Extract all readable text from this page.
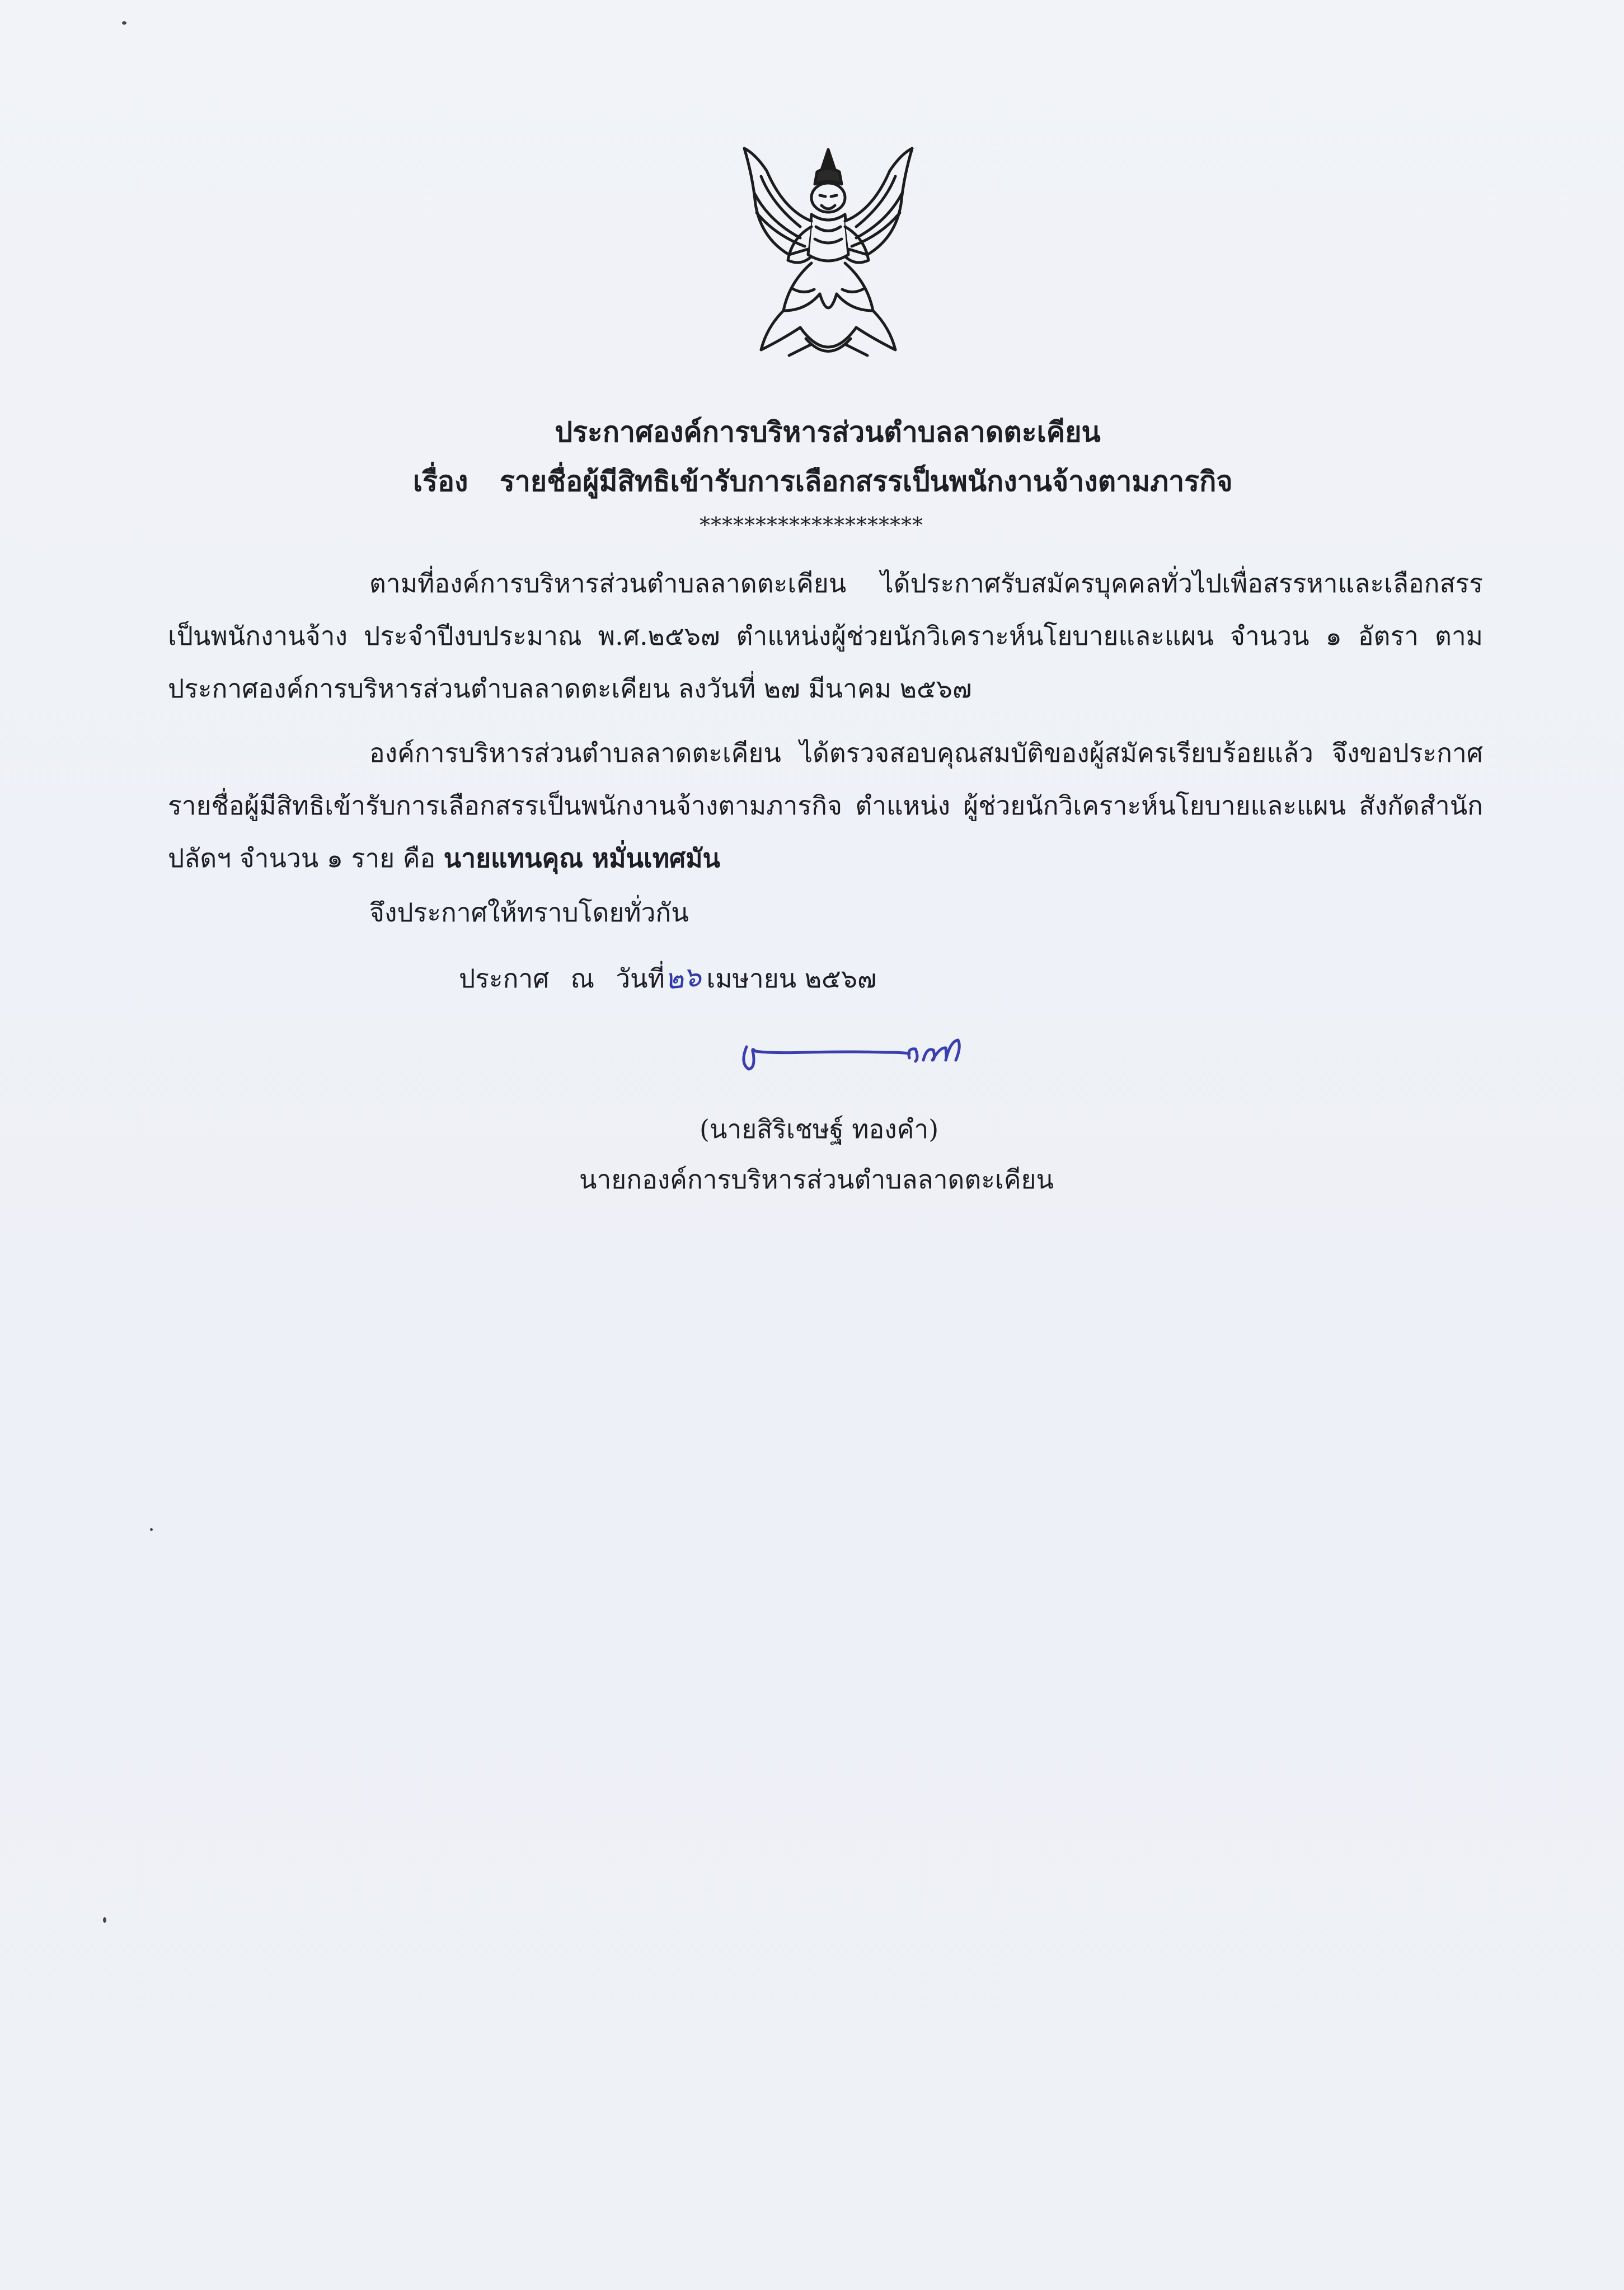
ประกาศองค์การบริหารส่วนตำบลลาดตะเคียน
เรื่อง รายชื่อผู้มีสิทธิเข้ารับการเลือกสรรเป็นพนักงานจ้างตามภารกิจ
********************
ตามที่องค์การบริหารส่วนตำบลลาดตะเคียน ได้ประกาศรับสมัครบุคคลทั่วไปเพื่อสรรหาและเลือกสรรเป็นพนักงานจ้าง ประจำปีงบประมาณ พ.ศ.๒๕๖๗ ตำแหน่งผู้ช่วยนักวิเคราะห์นโยบายและแผน จำนวน ๑ อัตรา ตามประกาศองค์การบริหารส่วนตำบลลาดตะเคียน ลงวันที่ ๒๗ มีนาคม ๒๕๖๗
องค์การบริหารส่วนตำบลลาดตะเคียน ได้ตรวจสอบคุณสมบัติของผู้สมัครเรียบร้อยแล้ว จึงขอประกาศรายชื่อผู้มีสิทธิเข้ารับการเลือกสรรเป็นพนักงานจ้างตามภารกิจ ตำแหน่ง ผู้ช่วยนักวิเคราะห์นโยบายและแผน สังกัดสำนักปลัดฯ จำนวน ๑ ราย คือ นายแทนคุณ หมั่นเทศมัน
จึงประกาศให้ทราบโดยทั่วกัน
ประกาศ ณ วันที่๒๖ เมษายน ๒๕๖๗
(นายสิริเชษฐ์ ทองคำ)
นายกองค์การบริหารส่วนตำบลลาดตะเคียน
